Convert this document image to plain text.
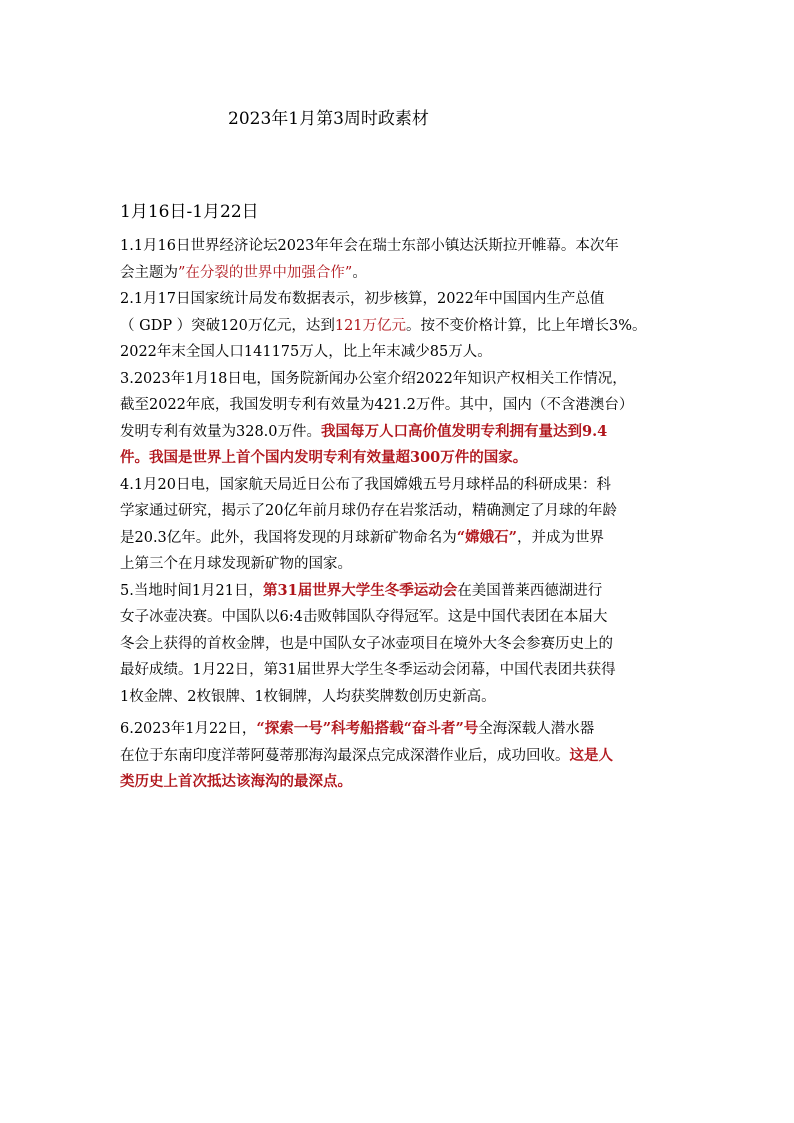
2023年1月第3周时政素材
1月16日-1月22日

1.1月16日世界经济论坛2023年年会在瑞士东部小镇达沃斯拉开帷幕。本次年
会主题为”在分裂的世界中加强合作”。

2.1月17日国家统计局发布数据表示，初步核算，2022年中国国内生产总值
（ GDP ）突破120万亿元，达到121万亿元。按不变价格计算，比上年增长3%。
2022年末全国人口141175万人，比上年末减少85万人。

3.2023年1月18日电，国务院新闻办公室介绍2022年知识产权相关工作情况，
截至2022年底，我国发明专利有效量为421.2万件。其中，国内（不含港澳台）
发明专利有效量为328.0万件。我国每万人口高价值发明专利拥有量达到9.4
件。我国是世界上首个国内发明专利有效量超300万件的国家。

4.1月20日电，国家航天局近日公布了我国嫦娥五号月球样品的科研成果：科
学家通过研究，揭示了20亿年前月球仍存在岩浆活动，精确测定了月球的年龄
是20.3亿年。此外，我国将发现的月球新矿物命名为“嫦娥石”，并成为世界
上第三个在月球发现新矿物的国家。

5.当地时间1月21日，第31届世界大学生冬季运动会在美国普莱西德湖进行
女子冰壶决赛。中国队以6:4击败韩国队夺得冠军。这是中国代表团在本届大
冬会上获得的首枚金牌，也是中国队女子冰壶项目在境外大冬会参赛历史上的
最好成绩。1月22日，第31届世界大学生冬季运动会闭幕，中国代表团共获得
1枚金牌、2枚银牌、1枚铜牌，人均获奖牌数创历史新高。

6.2023年1月22日，“探索一号”科考船搭载“奋斗者”号全海深载人潜水器
在位于东南印度洋蒂阿蔓蒂那海沟最深点完成深潜作业后，成功回收。这是人
类历史上首次抵达该海沟的最深点。
